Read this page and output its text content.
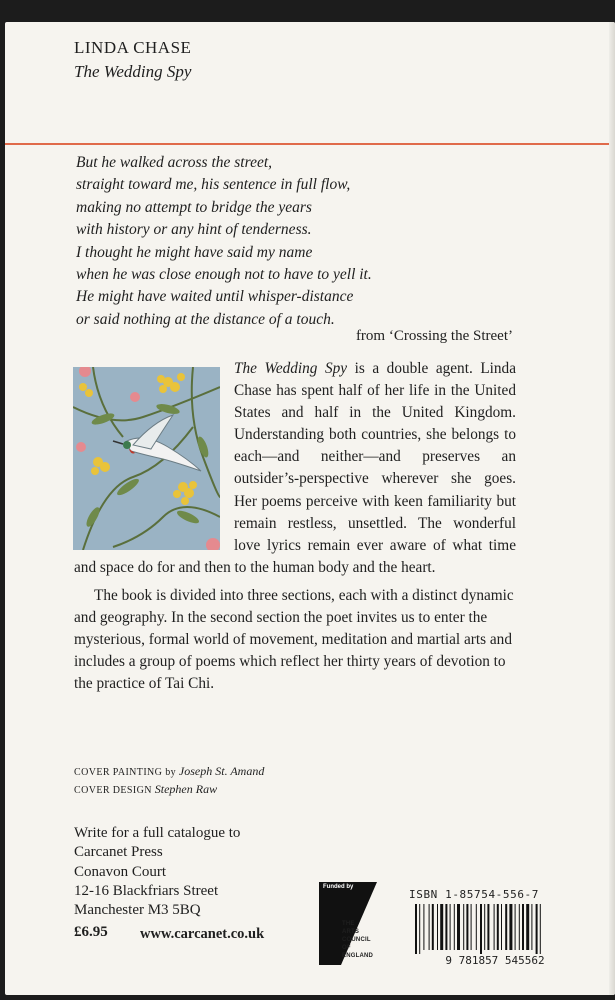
LINDA CHASE
The Wedding Spy
But he walked across the street,
straight toward me, his sentence in full flow,
making no attempt to bridge the years
with history or any hint of tenderness.
I thought he might have said my name
when he was close enough not to have to yell it.
He might have waited until whisper-distance
or said nothing at the distance of a touch.
from ‘Crossing the Street’

The Wedding Spy is a double agent. Linda Chase has spent half of her life in the United States and half in the United Kingdom. Understanding both countries, she belongs to each—and neither—and preserves an outsider’s-perspective wherever she goes. Her poems perceive with keen familiarity but remain restless, unsettled. The wonderful love lyrics remain ever aware of what time and space do for and then to the human body and the heart.

The book is divided into three sections, each with a distinct dynamic and geography. In the second section the poet invites us to enter the mysterious, formal world of movement, meditation and martial arts and includes a group of poems which reflect her thirty years of devotion to the practice of Tai Chi.

COVER PAINTING by Joseph St. Amand
COVER DESIGN Stephen Raw
Write for a full catalogue to
Carcanet Press
Conavon Court
12-16 Blackfriars Street
Manchester M3 5BQ
£6.95 www.carcanet.co.uk
Funded by
THE
ARTS
COUNCIL
OF ENGLAND
ISBN 1-85754-556-7
9 781857 545562
